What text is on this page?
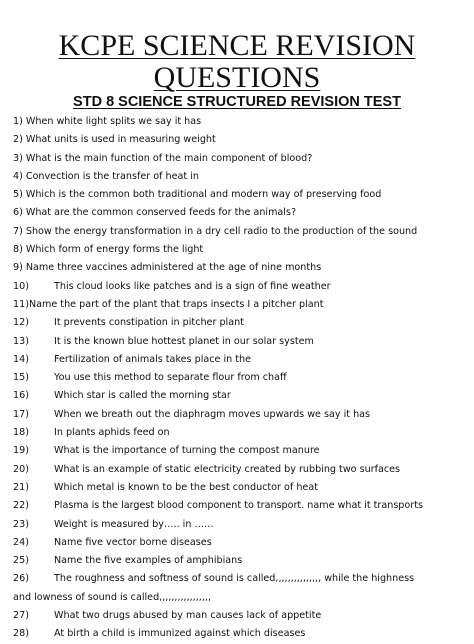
KCPE SCIENCE REVISION
QUESTIONS
STD 8 SCIENCE STRUCTURED REVISION TEST
1) When white light splits we say it has
2) What units is used in measuring weight
3) What is the main function of the main component of blood?
4) Convection is the transfer of heat in
5) Which is the common both traditional and modern way of preserving food
6) What are the common conserved feeds for the animals?
7) Show the energy transformation in a dry cell radio to the production of the sound
8) Which form of energy forms the light
9) Name three vaccines administered at the age of nine months
10)	This cloud looks like patches and is a sign of fine weather
11) Name the part of the plant that traps insects I a pitcher plant
12)	It prevents constipation in pitcher plant
13)	It is the known blue hottest planet in our solar system
14)	Fertilization of animals takes place in the
15)	You use this method to separate flour from chaff
16)	Which star is called the morning star
17)	When we breath out the diaphragm moves upwards we say it has
18)	In plants aphids feed on
19)	What is the importance of turning the compost manure
20)	What is an example of static electricity created by rubbing two surfaces
21)	Which metal is known to be the best conductor of heat
22)	Plasma is the largest blood component to transport. name what it transports
23)	Weight is measured by….. in ……
24)	Name five vector borne diseases
25)	Name the five examples of amphibians
26)	The roughness and softness of sound is called,,,,,,,,,,,,,,, while the highness
and lowness of sound is called,,,,,,,,,,,,,,,,,
27)	What two drugs abused by man causes lack of appetite
28)	At birth a child is immunized against which diseases
